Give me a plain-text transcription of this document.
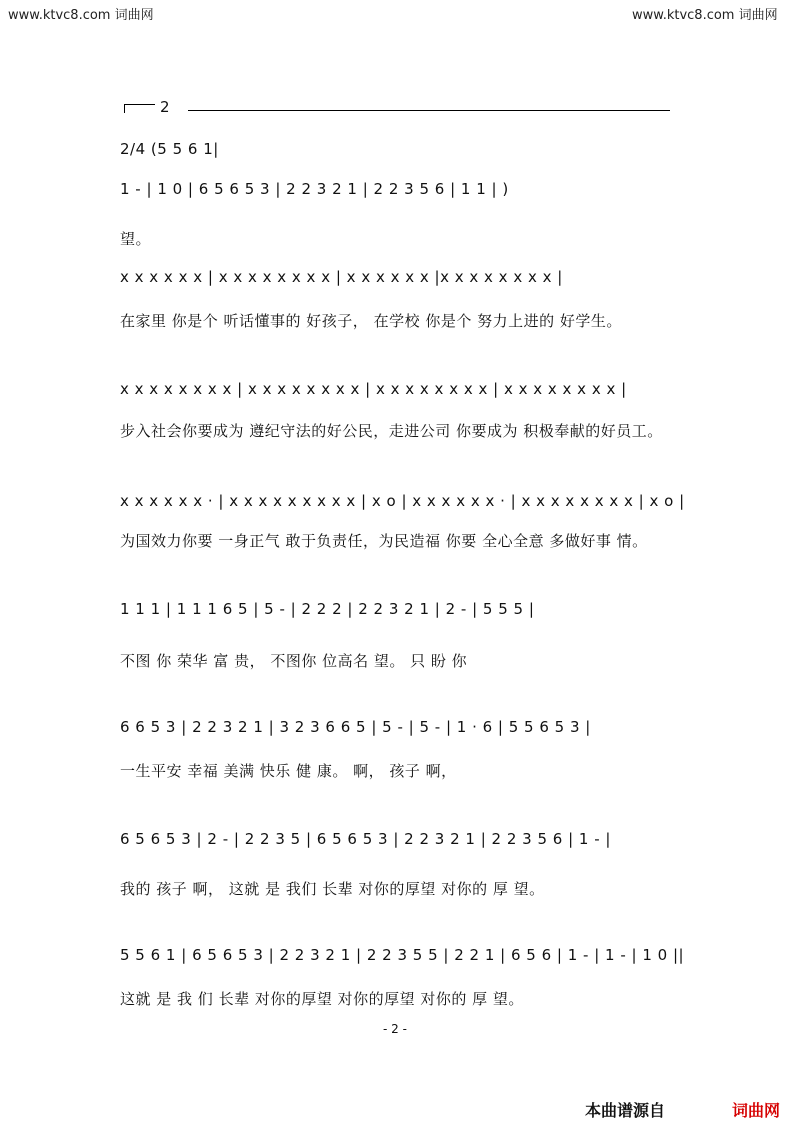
www.ktvc8.com 词曲网	www.ktvc8.com 词曲网
2
2/4 (5 5 6 1|
1 - | 1 0 | 6 5 6 5 3 | 2 2 3 2 1 | 2 2 3 5 6 | 1 1 | )
望。
x x x x x x | x x x x x x x x | x x x x x x |x x x x x x x x |
在家里 你是个 听话懂事的 好孩子， 在学校 你是个 努力上进的 好学生。
x x x x x x x x | x x x x x x x x | x x x x x x x x | x x x x x x x x |
步入社会你要成为 遵纪守法的好公民，走进公司 你要成为 积极奉献的好员工。
x x x x x x · | x x x x x x x x x | x o | x x x x x x · | x x x x x x x x | x o |
为国效力你要 一身正气 敢于负责任，为民造福 你要 全心全意 多做好事 情。
1 1 1 | 1 1 1 6 5 | 5 - | 2 2 2 | 2 2 3 2 1 | 2 - | 5 5 5 |
不图 你 荣华 富 贵， 不图你 位高名 望。 只 盼 你
6 6 5 3 | 2 2 3 2 1 | 3 2 3 6 6 5 | 5 - | 5 - | 1 · 6 | 5 5 6 5 3 |
一生平安 幸福 美满 快乐 健 康。 啊， 孩子 啊，
6 5 6 5 3 | 2 - | 2 2 3 5 | 6 5 6 5 3 | 2 2 3 2 1 | 2 2 3 5 6 | 1 - |
我的 孩子 啊， 这就 是 我们 长辈 对你的厚望 对你的 厚 望。
5 5 6 1 | 6 5 6 5 3 | 2 2 3 2 1 | 2 2 3 5 5 | 2 2 1 | 6 5 6 | 1 - | 1 - | 1 0 ||
这就 是 我 们 长辈 对你的厚望 对你的厚望 对你的 厚 望。
- 2 -
本曲谱源自	词曲网
